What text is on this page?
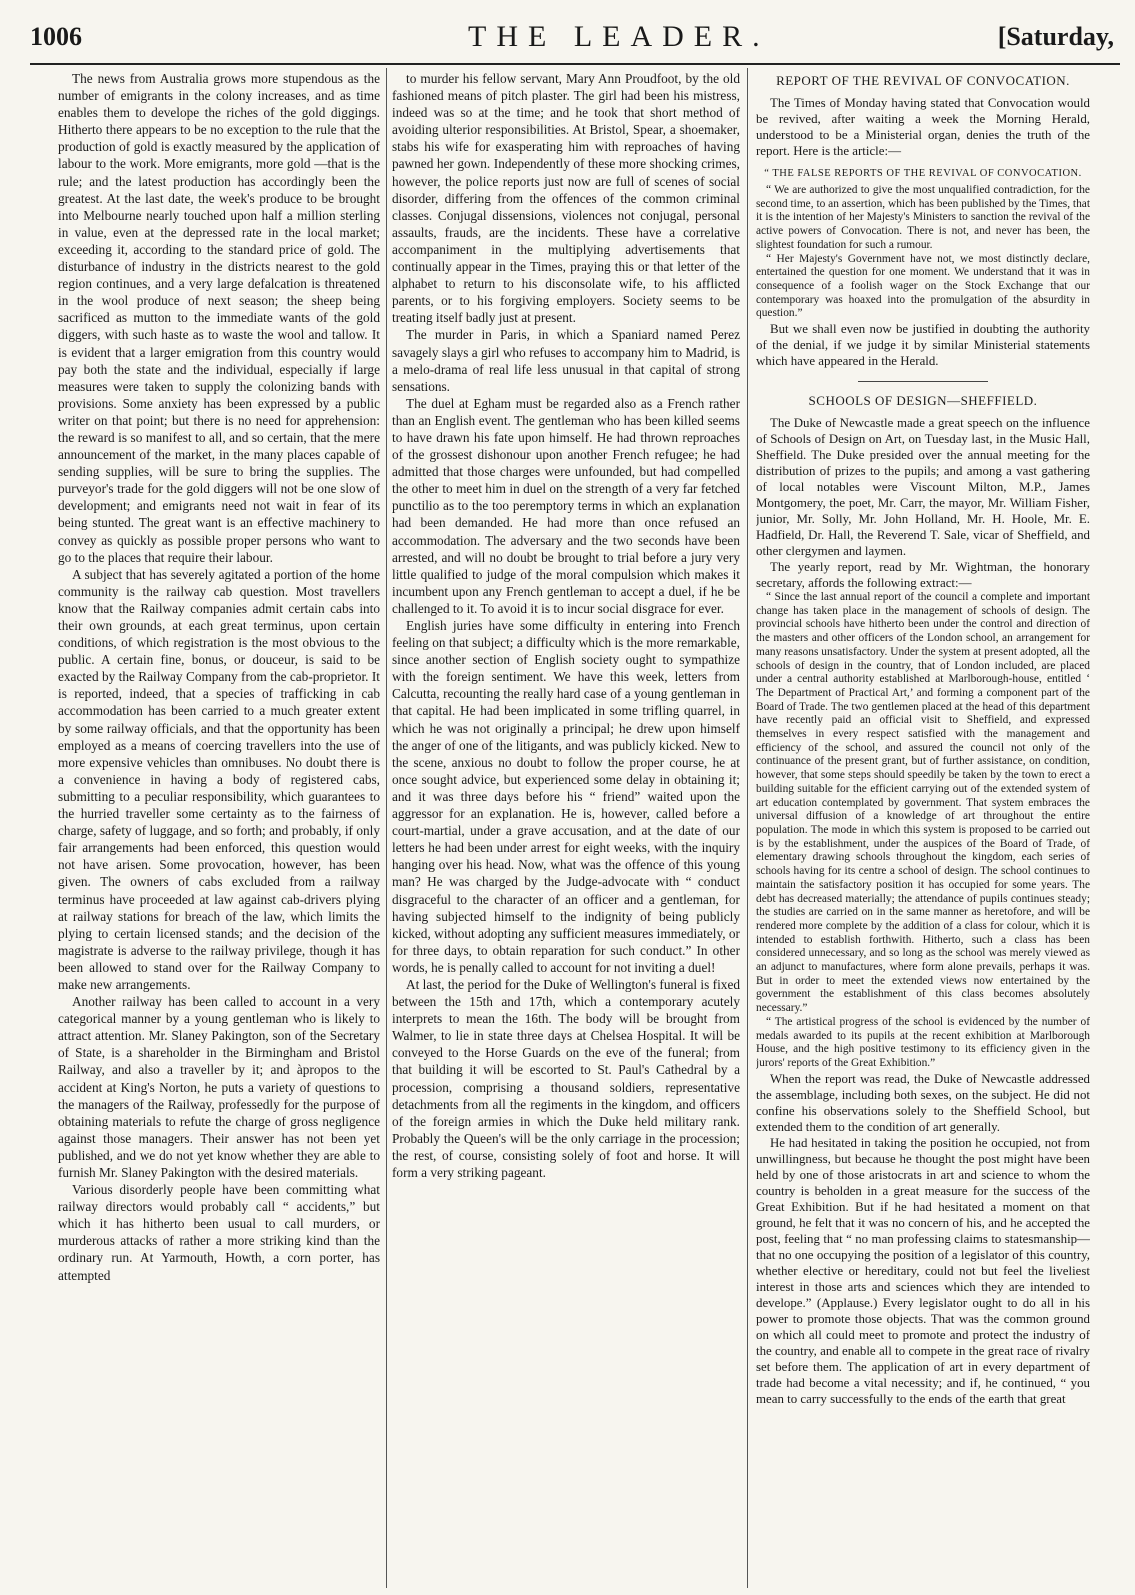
1006	THE LEADER.	[Saturday,

The news from Australia grows more stupendous as the number of emigrants in the colony increases, and as time enables them to develope the riches of the gold diggings. Hitherto there appears to be no exception to the rule that the production of gold is exactly measured by the application of labour to the work. More emigrants, more gold —that is the rule; and the latest production has accordingly been the greatest. At the last date, the week's produce to be brought into Melbourne nearly touched upon half a million sterling in value, even at the depressed rate in the local market; exceeding it, according to the standard price of gold. The disturbance of industry in the districts nearest to the gold region continues, and a very large defalcation is threatened in the wool produce of next season; the sheep being sacrificed as mutton to the immediate wants of the gold diggers, with such haste as to waste the wool and tallow. It is evident that a larger emigration from this country would pay both the state and the individual, especially if large measures were taken to supply the colonizing bands with provisions. Some anxiety has been expressed by a public writer on that point; but there is no need for apprehension: the reward is so manifest to all, and so certain, that the mere announcement of the market, in the many places capable of sending supplies, will be sure to bring the supplies. The purveyor's trade for the gold diggers will not be one slow of development; and emigrants need not wait in fear of its being stunted. The great want is an effective machinery to convey as quickly as possible proper persons who want to go to the places that require their labour.

A subject that has severely agitated a portion of the home community is the railway cab question. Most travellers know that the Railway companies admit certain cabs into their own grounds, at each great terminus, upon certain conditions, of which registration is the most obvious to the public. A certain fine, bonus, or douceur, is said to be exacted by the Railway Company from the cab-proprietor. It is reported, indeed, that a species of trafficking in cab accommodation has been carried to a much greater extent by some railway officials, and that the opportunity has been employed as a means of coercing travellers into the use of more expensive vehicles than omnibuses. No doubt there is a convenience in having a body of registered cabs, submitting to a peculiar responsibility, which guarantees to the hurried traveller some certainty as to the fairness of charge, safety of luggage, and so forth; and probably, if only fair arrangements had been enforced, this question would not have arisen. Some provocation, however, has been given. The owners of cabs excluded from a railway terminus have proceeded at law against cab-drivers plying at railway stations for breach of the law, which limits the plying to certain licensed stands; and the decision of the magistrate is adverse to the railway privilege, though it has been allowed to stand over for the Railway Company to make new arrangements.

Another railway has been called to account in a very categorical manner by a young gentleman who is likely to attract attention. Mr. Slaney Pakington, son of the Secretary of State, is a shareholder in the Birmingham and Bristol Railway, and also a traveller by it; and àpropos to the accident at King's Norton, he puts a variety of questions to the managers of the Railway, professedly for the purpose of obtaining materials to refute the charge of gross negligence against those managers. Their answer has not been yet published, and we do not yet know whether they are able to furnish Mr. Slaney Pakington with the desired materials.

Various disorderly people have been committing what railway directors would probably call “ accidents,” but which it has hitherto been usual to call murders, or murderous attacks of rather a more striking kind than the ordinary run. At Yarmouth, Howth, a corn porter, has attempted

to murder his fellow servant, Mary Ann Proudfoot, by the old fashioned means of pitch plaster. The girl had been his mistress, indeed was so at the time; and he took that short method of avoiding ulterior responsibilities. At Bristol, Spear, a shoemaker, stabs his wife for exasperating him with reproaches of having pawned her gown. Independently of these more shocking crimes, however, the police reports just now are full of scenes of social disorder, differing from the offences of the common criminal classes. Conjugal dissensions, violences not conjugal, personal assaults, frauds, are the incidents. These have a correlative accompaniment in the multiplying advertisements that continually appear in the Times, praying this or that letter of the alphabet to return to his disconsolate wife, to his afflicted parents, or to his forgiving employers. Society seems to be treating itself badly just at present.

The murder in Paris, in which a Spaniard named Perez savagely slays a girl who refuses to accompany him to Madrid, is a melo-drama of real life less unusual in that capital of strong sensations.

The duel at Egham must be regarded also as a French rather than an English event. The gentleman who has been killed seems to have drawn his fate upon himself. He had thrown reproaches of the grossest dishonour upon another French refugee; he had admitted that those charges were unfounded, but had compelled the other to meet him in duel on the strength of a very far fetched punctilio as to the too peremptory terms in which an explanation had been demanded. He had more than once refused an accommodation. The adversary and the two seconds have been arrested, and will no doubt be brought to trial before a jury very little qualified to judge of the moral compulsion which makes it incumbent upon any French gentleman to accept a duel, if he be challenged to it. To avoid it is to incur social disgrace for ever.

English juries have some difficulty in entering into French feeling on that subject; a difficulty which is the more remarkable, since another section of English society ought to sympathize with the foreign sentiment. We have this week, letters from Calcutta, recounting the really hard case of a young gentleman in that capital. He had been implicated in some trifling quarrel, in which he was not originally a principal; he drew upon himself the anger of one of the litigants, and was publicly kicked. New to the scene, anxious no doubt to follow the proper course, he at once sought advice, but experienced some delay in obtaining it; and it was three days before his “ friend” waited upon the aggressor for an explanation. He is, however, called before a court-martial, under a grave accusation, and at the date of our letters he had been under arrest for eight weeks, with the inquiry hanging over his head. Now, what was the offence of this young man? He was charged by the Judge-advocate with “ conduct disgraceful to the character of an officer and a gentleman, for having subjected himself to the indignity of being publicly kicked, without adopting any sufficient measures immediately, or for three days, to obtain reparation for such conduct.” In other words, he is penally called to account for not inviting a duel!

At last, the period for the Duke of Wellington's funeral is fixed between the 15th and 17th, which a contemporary acutely interprets to mean the 16th. The body will be brought from Walmer, to lie in state three days at Chelsea Hospital. It will be conveyed to the Horse Guards on the eve of the funeral; from that building it will be escorted to St. Paul's Cathedral by a procession, comprising a thousand soldiers, representative detachments from all the regiments in the kingdom, and officers of the foreign armies in which the Duke held military rank. Probably the Queen's will be the only carriage in the procession; the rest, of course, consisting solely of foot and horse. It will form a very striking pageant.

REPORT OF THE REVIVAL OF CONVOCATION.

The Times of Monday having stated that Convocation would be revived, after waiting a week the Morning Herald, understood to be a Ministerial organ, denies the truth of the report. Here is the article:—

“ THE FALSE REPORTS OF THE REVIVAL OF CONVOCATION.

“ We are authorized to give the most unqualified contradiction, for the second time, to an assertion, which has been published by the Times, that it is the intention of her Majesty's Ministers to sanction the revival of the active powers of Convocation. There is not, and never has been, the slightest foundation for such a rumour.

“ Her Majesty's Government have not, we most distinctly declare, entertained the question for one moment. We understand that it was in consequence of a foolish wager on the Stock Exchange that our contemporary was hoaxed into the promulgation of the absurdity in question.”

But we shall even now be justified in doubting the authority of the denial, if we judge it by similar Ministerial statements which have appeared in the Herald.

SCHOOLS OF DESIGN—SHEFFIELD.

The Duke of Newcastle made a great speech on the influence of Schools of Design on Art, on Tuesday last, in the Music Hall, Sheffield. The Duke presided over the annual meeting for the distribution of prizes to the pupils; and among a vast gathering of local notables were Viscount Milton, M.P., James Montgomery, the poet, Mr. Carr, the mayor, Mr. William Fisher, junior, Mr. Solly, Mr. John Holland, Mr. H. Hoole, Mr. E. Hadfield, Dr. Hall, the Reverend T. Sale, vicar of Sheffield, and other clergymen and laymen.

The yearly report, read by Mr. Wightman, the honorary secretary, affords the following extract:—

“ Since the last annual report of the council a complete and important change has taken place in the management of schools of design. The provincial schools have hitherto been under the control and direction of the masters and other officers of the London school, an arrangement for many reasons unsatisfactory. Under the system at present adopted, all the schools of design in the country, that of London included, are placed under a central authority established at Marlborough-house, entitled ‘ The Department of Practical Art,’ and forming a component part of the Board of Trade. The two gentlemen placed at the head of this department have recently paid an official visit to Sheffield, and expressed themselves in every respect satisfied with the management and efficiency of the school, and assured the council not only of the continuance of the present grant, but of further assistance, on condition, however, that some steps should speedily be taken by the town to erect a building suitable for the efficient carrying out of the extended system of art education contemplated by government. That system embraces the universal diffusion of a knowledge of art throughout the entire population. The mode in which this system is proposed to be carried out is by the establishment, under the auspices of the Board of Trade, of elementary drawing schools throughout the kingdom, each series of schools having for its centre a school of design. The school continues to maintain the satisfactory position it has occupied for some years. The debt has decreased materially; the attendance of pupils continues steady; the studies are carried on in the same manner as heretofore, and will be rendered more complete by the addition of a class for colour, which it is intended to establish forthwith. Hitherto, such a class has been considered unnecessary, and so long as the school was merely viewed as an adjunct to manufactures, where form alone prevails, perhaps it was. But in order to meet the extended views now entertained by the government the establishment of this class becomes absolutely necessary.”

“ The artistical progress of the school is evidenced by the number of medals awarded to its pupils at the recent exhibition at Marlborough House, and the high positive testimony to its efficiency given in the jurors' reports of the Great Exhibition.”

When the report was read, the Duke of Newcastle addressed the assemblage, including both sexes, on the subject. He did not confine his observations solely to the Sheffield School, but extended them to the condition of art generally.

He had hesitated in taking the position he occupied, not from unwillingness, but because he thought the post might have been held by one of those aristocrats in art and science to whom the country is beholden in a great measure for the success of the Great Exhibition. But if he had hesitated a moment on that ground, he felt that it was no concern of his, and he accepted the post, feeling that “ no man professing claims to statesmanship—that no one occupying the position of a legislator of this country, whether elective or hereditary, could not but feel the liveliest interest in those arts and sciences which they are intended to develope.” (Applause.) Every legislator ought to do all in his power to promote those objects. That was the common ground on which all could meet to promote and protect the industry of the country, and enable all to compete in the great race of rivalry set before them. The application of art in every department of trade had become a vital necessity; and if, he continued, “ you mean to carry successfully to the ends of the earth that great
